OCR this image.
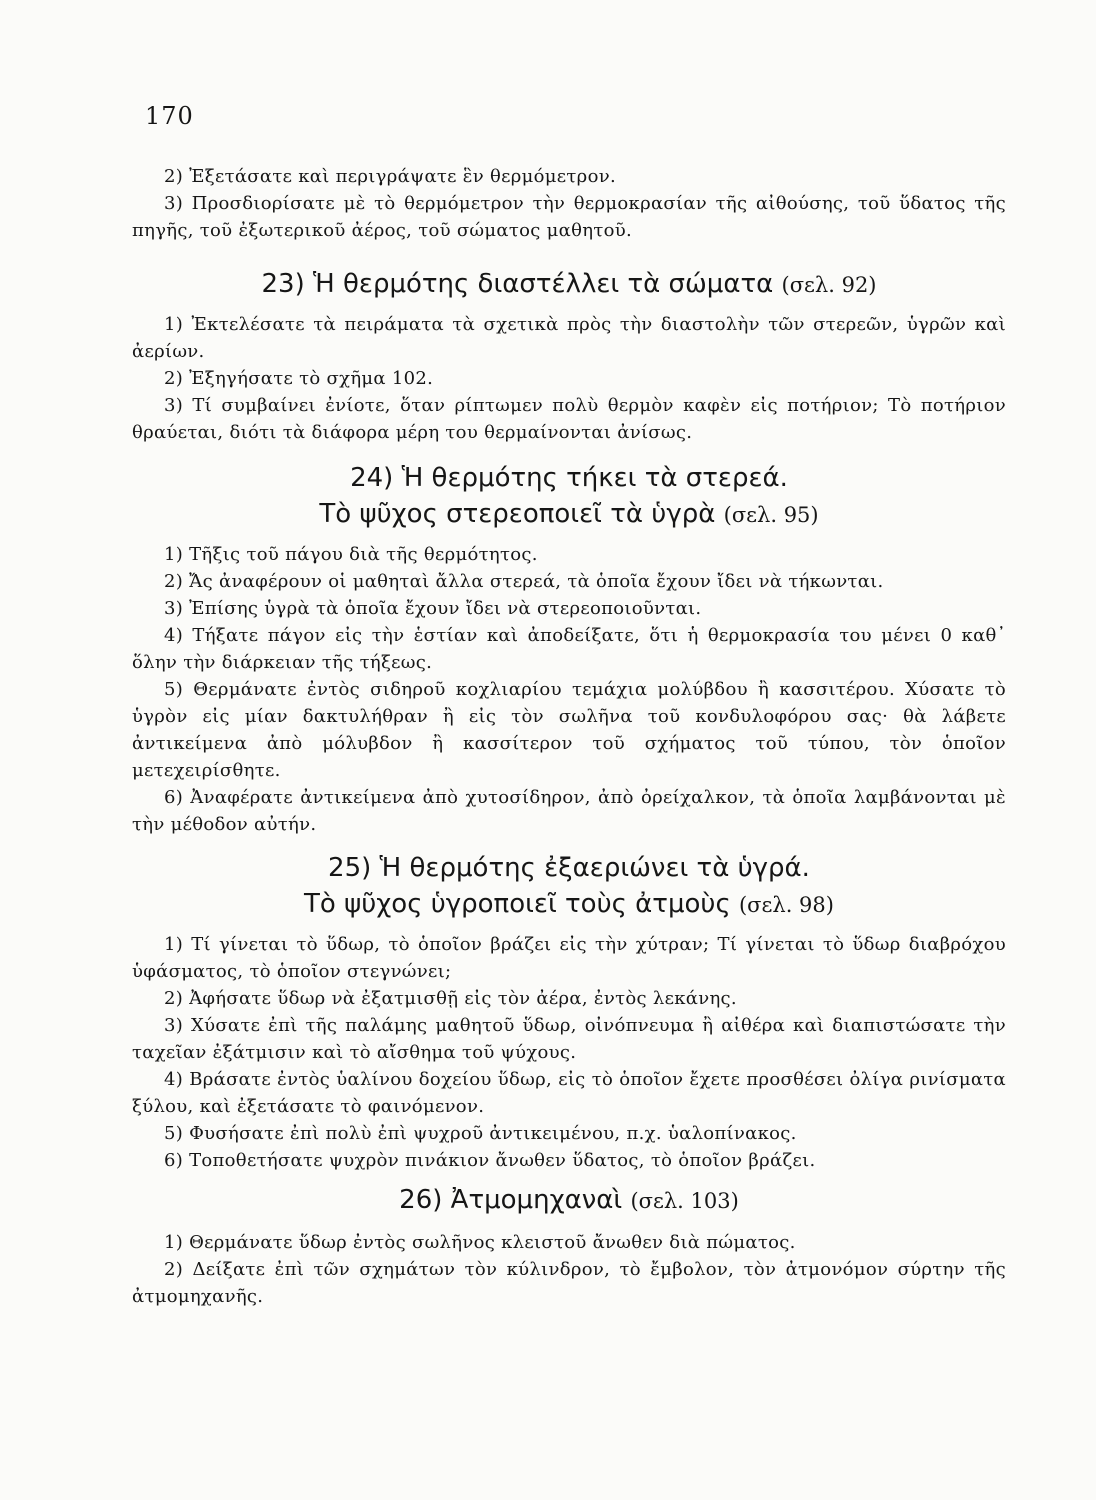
170

2) Ἐξετάσατε καὶ περιγράψατε ἓν θερμόμετρον.

3) Προσδιορίσατε μὲ τὸ θερμόμετρον τὴν θερμοκρασίαν τῆς αἰθούσης, τοῦ ὕδατος τῆς πηγῆς, τοῦ ἐξωτερικοῦ ἀέρος, τοῦ σώματος μαθητοῦ.

23) Ἡ θερμότης διαστέλλει τὰ σώματα (σελ. 92)

1) Ἐκτελέσατε τὰ πειράματα τὰ σχετικὰ πρὸς τὴν διαστολὴν τῶν στερεῶν, ὑγρῶν καὶ ἀερίων.

2) Ἐξηγήσατε τὸ σχῆμα 102.

3) Τί συμβαίνει ἐνίοτε, ὅταν ρίπτωμεν πολὺ θερμὸν καφὲν εἰς ποτήριον; Τὸ ποτήριον θραύεται, διότι τὰ διάφορα μέρη του θερμαίνονται ἀνίσως.

24) Ἡ θερμότης τήκει τὰ στερεά.
Τὸ ψῦχος στερεοποιεῖ τὰ ὑγρὰ (σελ. 95)

1) Τῆξις τοῦ πάγου διὰ τῆς θερμότητος.

2) Ἄς ἀναφέρουν οἱ μαθηταὶ ἄλλα στερεά, τὰ ὁποῖα ἔχουν ἴδει νὰ τήκωνται.

3) Ἐπίσης ὑγρὰ τὰ ὁποῖα ἔχουν ἴδει νὰ στερεοποιοῦνται.

4) Τήξατε πάγον εἰς τὴν ἑστίαν καὶ ἀποδείξατε, ὅτι ἡ θερμοκρασία του μένει 0 καθ᾽ ὅλην τὴν διάρκειαν τῆς τήξεως.

5) Θερμάνατε ἐντὸς σιδηροῦ κοχλιαρίου τεμάχια μολύβδου ἢ κασσιτέρου. Χύσατε τὸ ὑγρὸν εἰς μίαν δακτυλήθραν ἢ εἰς τὸν σωλῆνα τοῦ κονδυλοφόρου σας· θὰ λάβετε ἀντικείμενα ἀπὸ μόλυβδον ἢ κασσίτερον τοῦ σχήματος τοῦ τύπου, τὸν ὁποῖον μετεχειρίσθητε.

6) Ἀναφέρατε ἀντικείμενα ἀπὸ χυτοσίδηρον, ἀπὸ ὀρείχαλκον, τὰ ὁποῖα λαμβάνονται μὲ τὴν μέθοδον αὐτήν.

25) Ἡ θερμότης ἐξαεριώνει τὰ ὑγρά.
Τὸ ψῦχος ὑγροποιεῖ τοὺς ἀτμοὺς (σελ. 98)

1) Τί γίνεται τὸ ὕδωρ, τὸ ὁποῖον βράζει εἰς τὴν χύτραν; Τί γίνεται τὸ ὕδωρ διαβρόχου ὑφάσματος, τὸ ὁποῖον στεγνώνει;

2) Ἀφήσατε ὕδωρ νὰ ἐξατμισθῇ εἰς τὸν ἀέρα, ἐντὸς λεκάνης.

3) Χύσατε ἐπὶ τῆς παλάμης μαθητοῦ ὕδωρ, οἰνόπνευμα ἢ αἰθέρα καὶ διαπιστώσατε τὴν ταχεῖαν ἐξάτμισιν καὶ τὸ αἴσθημα τοῦ ψύχους.

4) Βράσατε ἐντὸς ὑαλίνου δοχείου ὕδωρ, εἰς τὸ ὁποῖον ἔχετε προσθέσει ὀλίγα ρινίσματα ξύλου, καὶ ἐξετάσατε τὸ φαινόμενον.

5) Φυσήσατε ἐπὶ πολὺ ἐπὶ ψυχροῦ ἀντικειμένου, π.χ. ὑαλοπίνακος.

6) Τοποθετήσατε ψυχρὸν πινάκιον ἄνωθεν ὕδατος, τὸ ὁποῖον βράζει.

26) Ἀτμομηχαναὶ (σελ. 103)

1) Θερμάνατε ὕδωρ ἐντὸς σωλῆνος κλειστοῦ ἄνωθεν διὰ πώματος.

2) Δείξατε ἐπὶ τῶν σχημάτων τὸν κύλινδρον, τὸ ἔμβολον, τὸν ἀτμονόμον σύρτην τῆς ἀτμομηχανῆς.
